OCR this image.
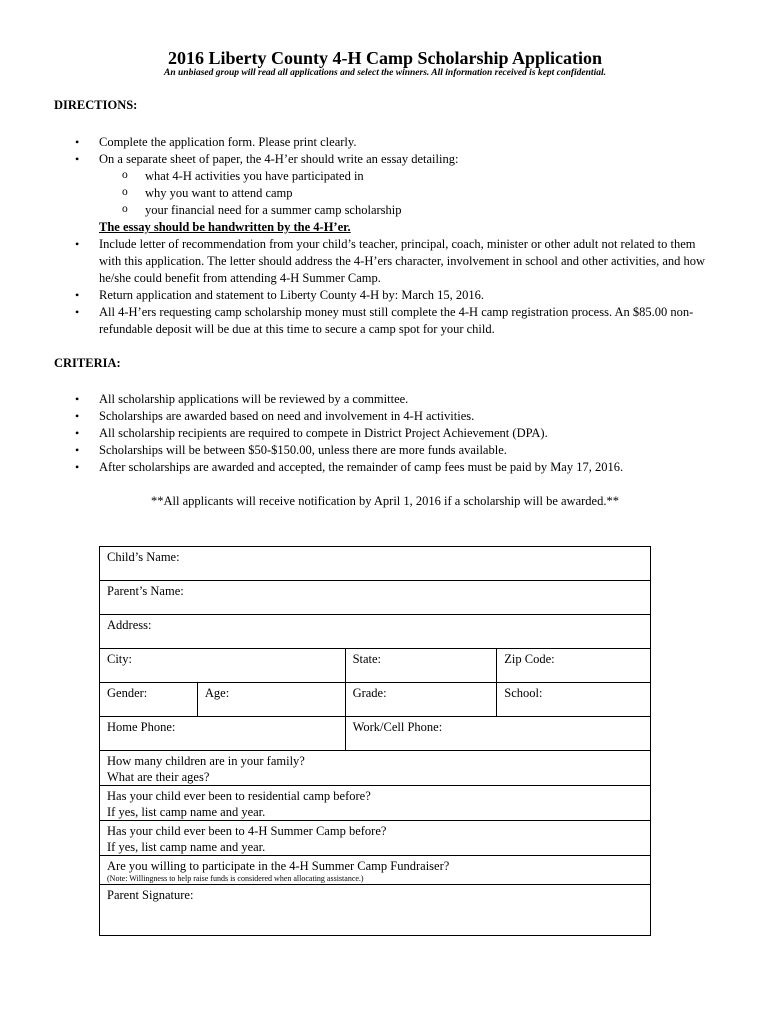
2016 Liberty County 4-H Camp Scholarship Application
An unbiased group will read all applications and select the winners. All information received is kept confidential.
DIRECTIONS:
• Complete the application form. Please print clearly.
• On a separate sheet of paper, the 4-H’er should write an essay detailing:
o what 4-H activities you have participated in
o why you want to attend camp
o your financial need for a summer camp scholarship
The essay should be handwritten by the 4-H’er.
• Include letter of recommendation from your child’s teacher, principal, coach, minister or other adult not related to them with this application. The letter should address the 4-H’ers character, involvement in school and other activities, and how he/she could benefit from attending 4-H Summer Camp.
• Return application and statement to Liberty County 4-H by: March 15, 2016.
• All 4-H’ers requesting camp scholarship money must still complete the 4-H camp registration process. An $85.00 non-refundable deposit will be due at this time to secure a camp spot for your child.
CRITERIA:
• All scholarship applications will be reviewed by a committee.
• Scholarships are awarded based on need and involvement in 4-H activities.
• All scholarship recipients are required to compete in District Project Achievement (DPA).
• Scholarships will be between $50-$150.00, unless there are more funds available.
• After scholarships are awarded and accepted, the remainder of camp fees must be paid by May 17, 2016.
**All applicants will receive notification by April 1, 2016 if a scholarship will be awarded.**
Child’s Name:			
Parent’s Name:			
Address:			
City:		State:	Zip Code:
Gender:	Age:	Grade:	School:
Home Phone:		Work/Cell Phone:	

How many children are in your family?
What are their ages?			

Has your child ever been to residential camp before?
If yes, list camp name and year.			

Has your child ever been to 4-H Summer Camp before?
If yes, list camp name and year.			

Are you willing to participate in the 4-H Summer Camp Fundraiser?
(Note: Willingness to help raise funds is considered when allocating assistance.)			

Parent Signature:			
